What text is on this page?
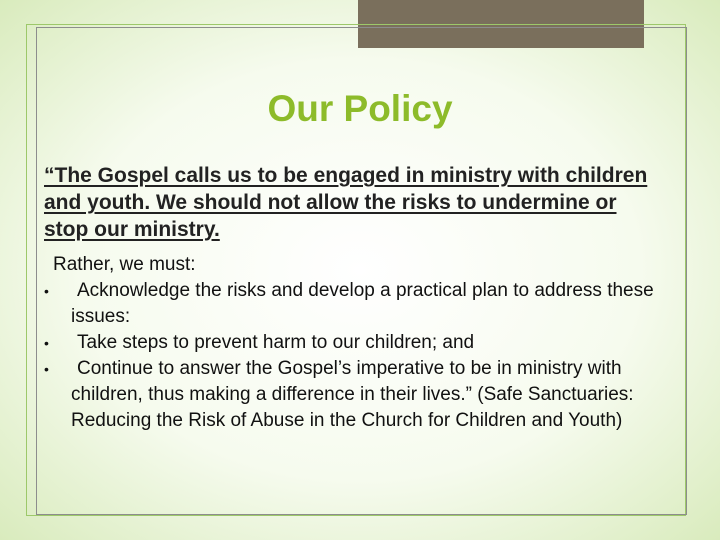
Our Policy
“The Gospel calls us to be engaged in ministry with children and youth. We should not allow the risks to undermine or stop our ministry.
Rather, we must:
•	Acknowledge the risks and develop a practical plan to address these issues:
•	Take steps to prevent harm to our children; and
•	Continue to answer the Gospel’s imperative to be in ministry with children, thus making a difference in their lives.” (Safe Sanctuaries: Reducing the Risk of Abuse in the Church for Children and Youth)
